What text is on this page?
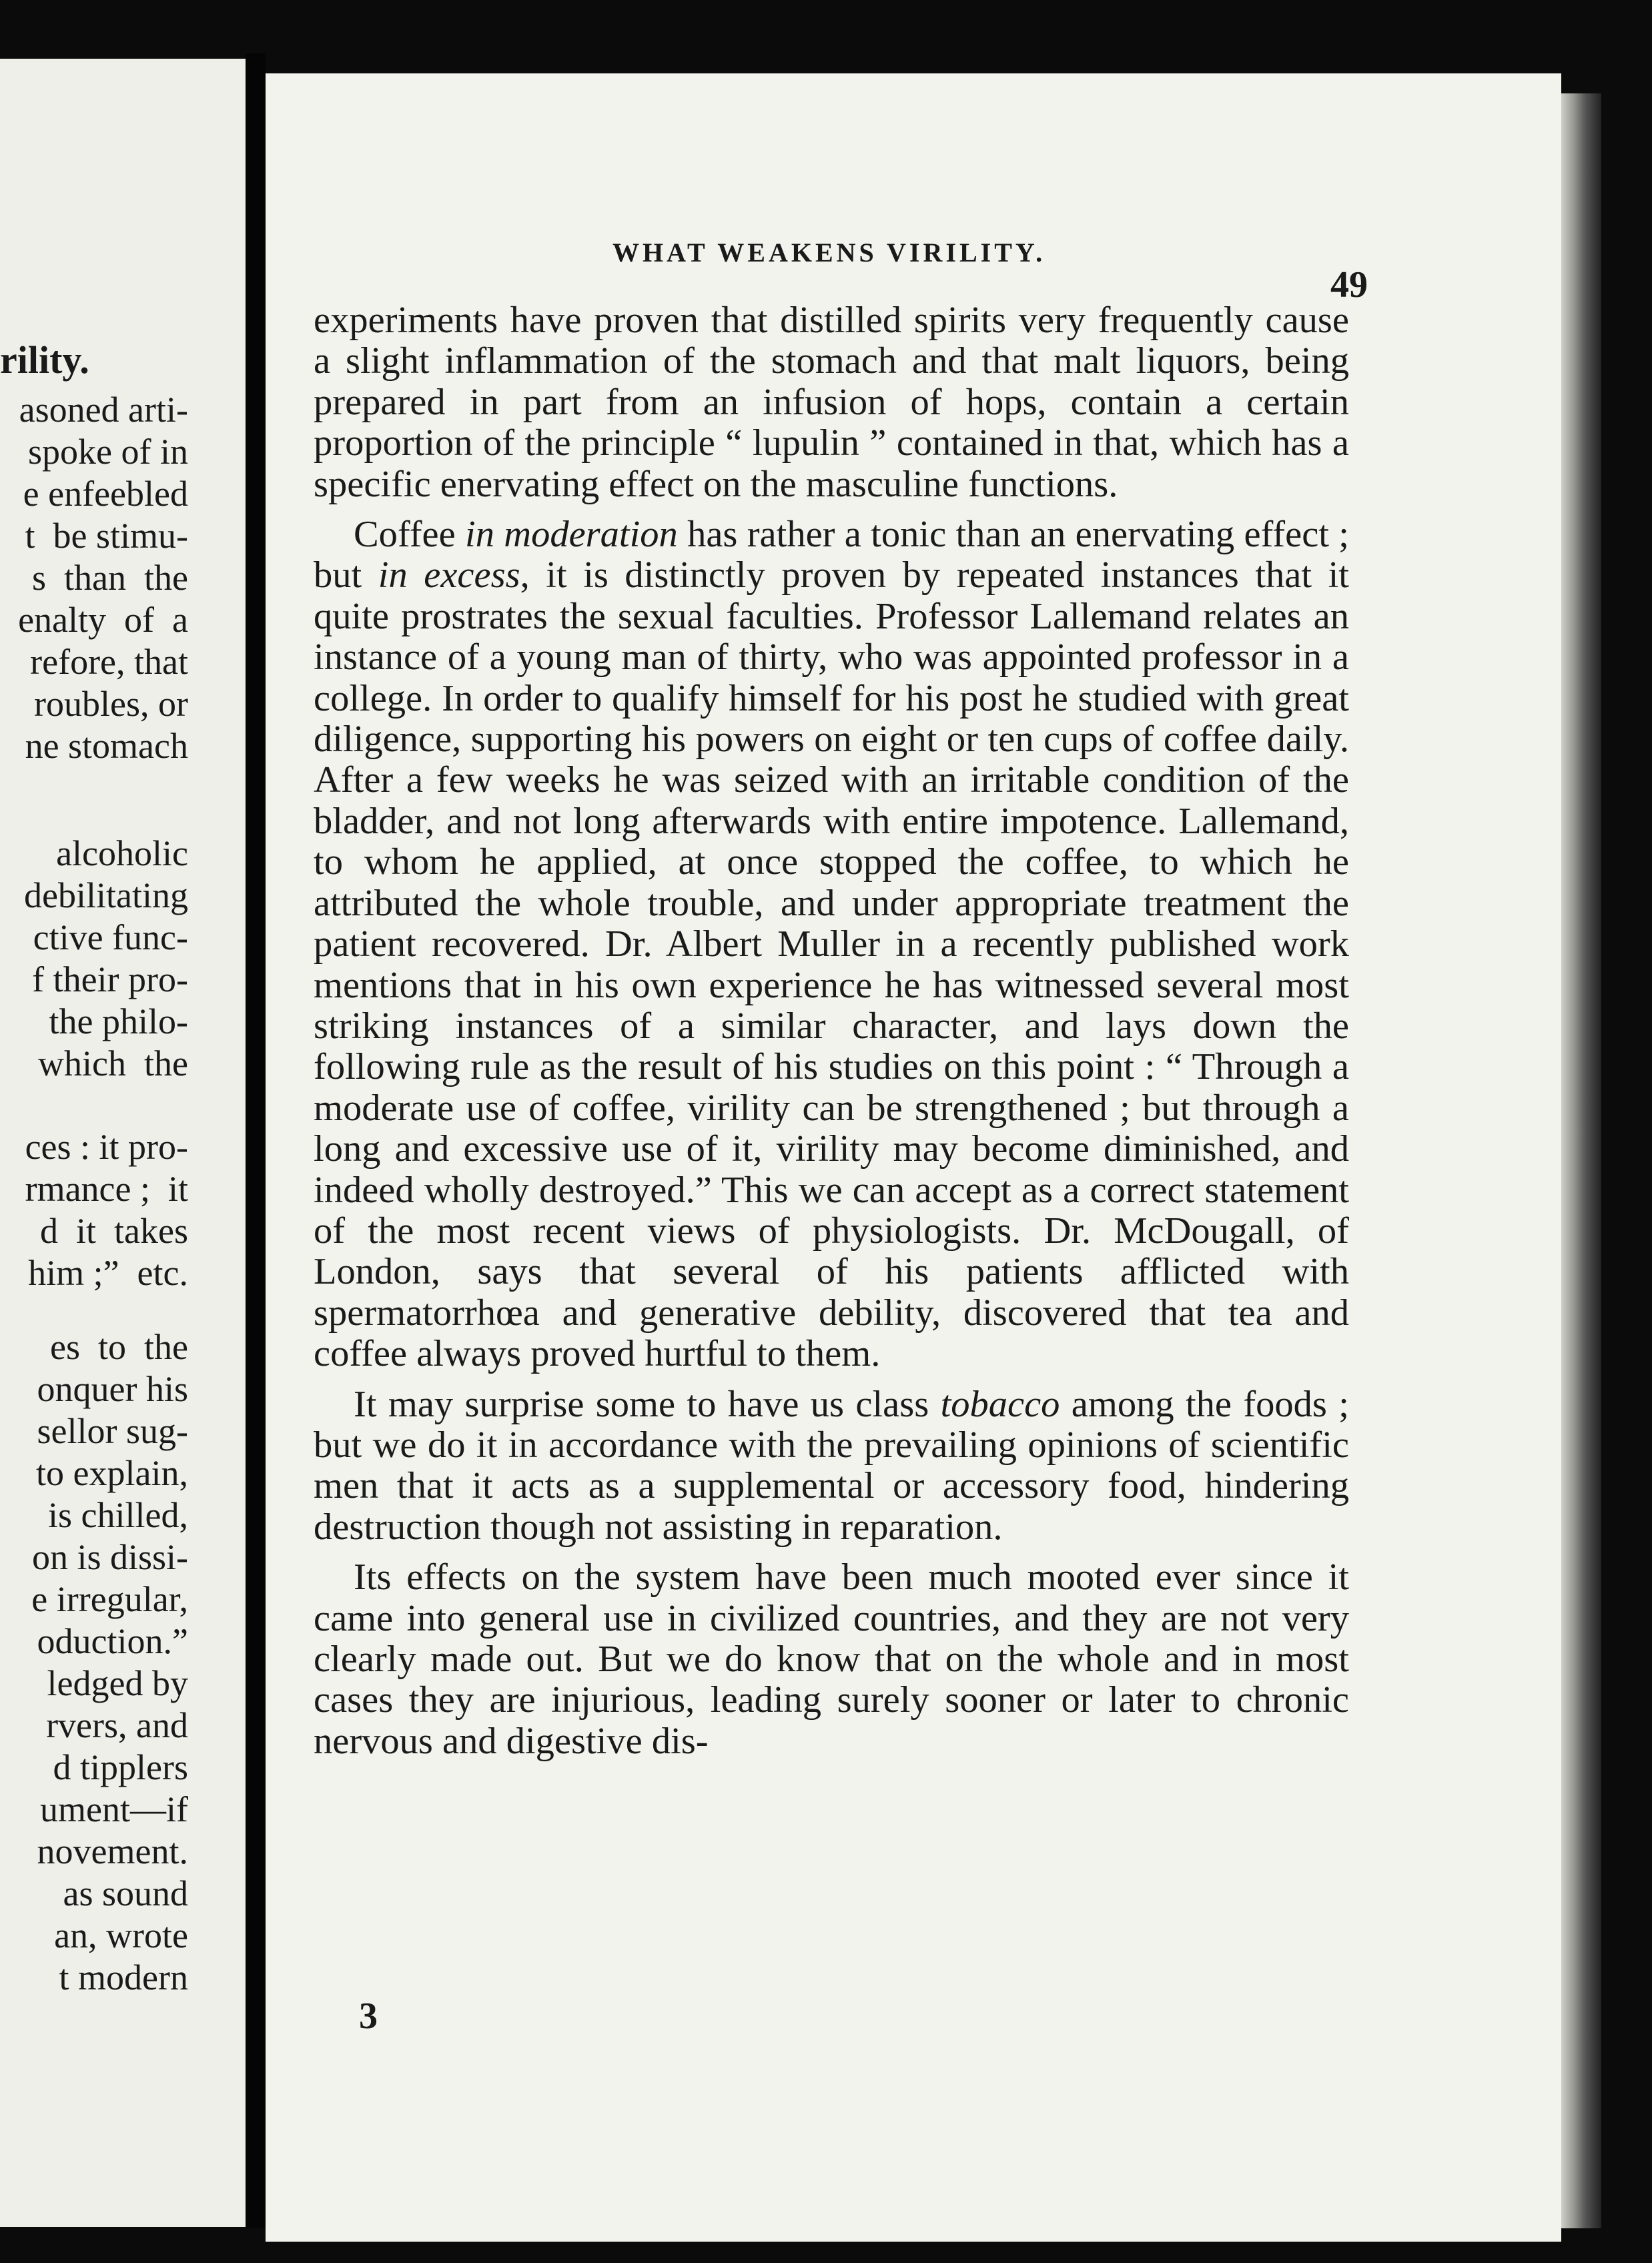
rility.
asoned arti-
spoke of in
e enfeebled
t  be stimu-
s  than  the
enalty  of  a
refore, that
roubles, or
ne stomach
alcoholic
debilitating
ctive func-
f their pro-
the philo-
which  the
ces : it pro-
rmance ;  it
d  it  takes
him ;”  etc.
es  to  the
onquer his
sellor sug-
to explain,
is chilled,
on is dissi-
e irregular,
oduction.”
ledged by
rvers, and
d tipplers
ument—if
novement.
as sound
an, wrote
t modern
WHAT WEAKENS VIRILITY.
49

experiments have proven that distilled spirits very frequently cause a slight inflammation of the stomach and that malt liquors, being prepared in part from an infusion of hops, contain a certain proportion of the principle “ lupulin ” contained in that, which has a specific enervating effect on the masculine functions.

Coffee in moderation has rather a tonic than an enervating effect ; but in excess, it is distinctly proven by repeated instances that it quite prostrates the sexual faculties. Professor Lallemand relates an instance of a young man of thirty, who was appointed professor in a college. In order to qualify himself for his post he studied with great diligence, supporting his powers on eight or ten cups of coffee daily. After a few weeks he was seized with an irritable condition of the bladder, and not long afterwards with entire impotence. Lallemand, to whom he applied, at once stopped the coffee, to which he attributed the whole trouble, and under appropriate treatment the patient recovered. Dr. Albert Muller in a recently published work mentions that in his own experience he has witnessed several most striking instances of a similar character, and lays down the following rule as the result of his studies on this point : “ Through a moderate use of coffee, virility can be strengthened ; but through a long and excessive use of it, virility may become diminished, and indeed wholly destroyed.” This we can accept as a correct statement of the most recent views of physiologists. Dr. McDougall, of London, says that several of his patients afflicted with spermatorrhœa and generative debility, discovered that tea and coffee always proved hurtful to them.

It may surprise some to have us class tobacco among the foods ; but we do it in accordance with the prevailing opinions of scientific men that it acts as a supplemental or accessory food, hindering destruction though not assisting in reparation.

Its effects on the system have been much mooted ever since it came into general use in civilized countries, and they are not very clearly made out. But we do know that on the whole and in most cases they are injurious, leading surely sooner or later to chronic nervous and digestive dis-

3
